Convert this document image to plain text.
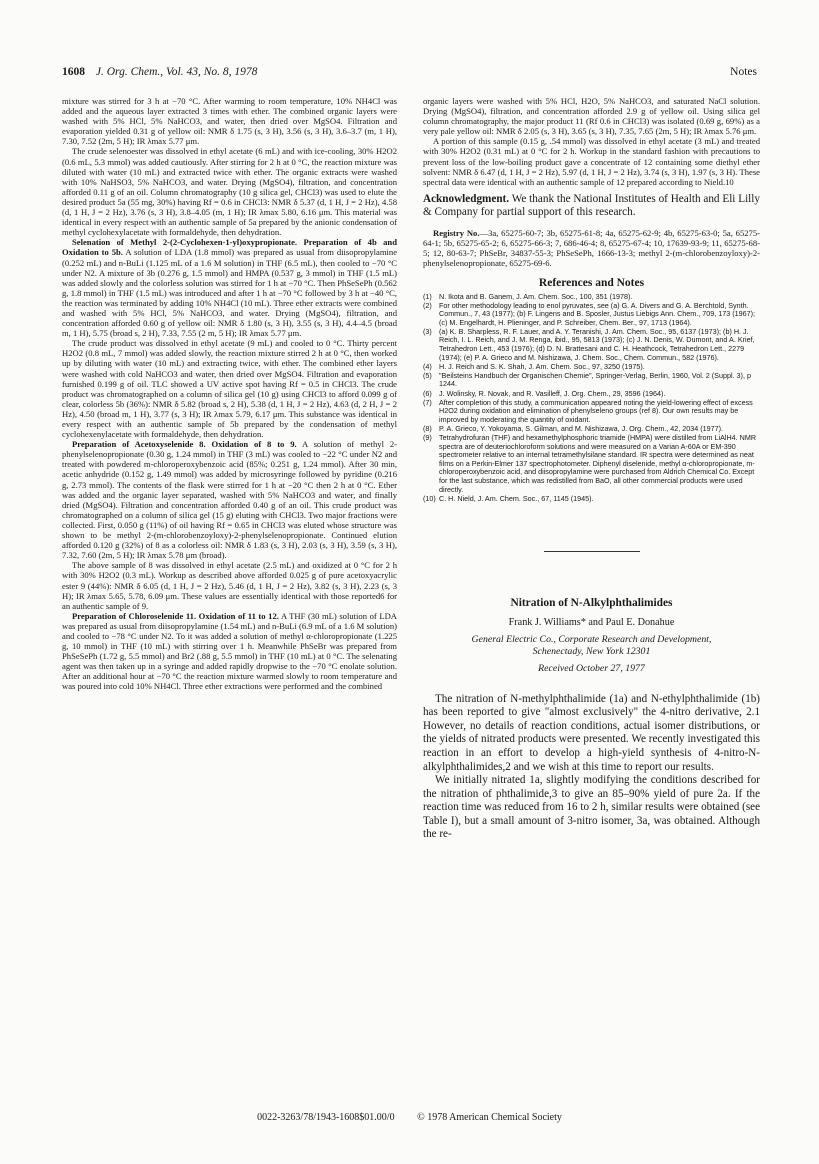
1608 J. Org. Chem., Vol. 43, No. 8, 1978	Notes

mixture was stirred for 3 h at −70 °C. After warming to room temperature, 10% NH4Cl was added and the aqueous layer extracted 3 times with ether. The combined organic layers were washed with 5% HCl, 5% NaHCO3, and water, then dried over MgSO4. Filtration and evaporation yielded 0.31 g of yellow oil: NMR δ 1.75 (s, 3 H), 3.56 (s, 3 H), 3.6–3.7 (m, 1 H), 7.30, 7.52 (2m, 5 H); IR λmax 5.77 μm.

The crude selenoester was dissolved in ethyl acetate (6 mL) and with ice-cooling, 30% H2O2 (0.6 mL, 5.3 mmol) was added cautiously. After stirring for 2 h at 0 °C, the reaction mixture was diluted with water (10 mL) and extracted twice with ether. The organic extracts were washed with 10% NaHSO3, 5% NaHCO3, and water. Drying (MgSO4), filtration, and concentration afforded 0.11 g of an oil. Column chromatography (10 g silica gel, CHCl3) was used to elute the desired product 5a (55 mg, 30%) having Rf = 0.6 in CHCl3: NMR δ 5.37 (d, 1 H, J = 2 Hz), 4.58 (d, 1 H, J = 2 Hz), 3.76 (s, 3 H), 3.8–4.05 (m, 1 H); IR λmax 5.80, 6.16 μm. This material was identical in every respect with an authentic sample of 5a prepared by the anionic condensation of methyl cyclohexylacetate with formaldehyde, then dehydration.

Selenation of Methyl 2-(2-Cyclohexen-1-yl)oxypropionate. Preparation of 4b and Oxidation to 5b. A solution of LDA (1.8 mmol) was prepared as usual from diisopropylamine (0.252 mL) and n-BuLi (1.125 mL of a 1.6 M solution) in THF (6.5 mL), then cooled to −70 °C under N2. A mixture of 3b (0.276 g, 1.5 mmol) and HMPA (0.537 g, 3 mmol) in THF (1.5 mL) was added slowly and the colorless solution was stirred for 1 h at −70 °C. Then PhSeSePh (0.562 g, 1.8 mmol) in THF (1.5 mL) was introduced and after 1 h at −70 °C followed by 3 h at −40 °C, the reaction was terminated by adding 10% NH4Cl (10 mL). Three ether extracts were combined and washed with 5% HCl, 5% NaHCO3, and water. Drying (MgSO4), filtration, and concentration afforded 0.60 g of yellow oil: NMR δ 1.80 (s, 3 H), 3.55 (s, 3 H), 4.4–4.5 (broad m, 1 H), 5.75 (broad s, 2 H), 7.33, 7.55 (2 m, 5 H); IR λmax 5.77 μm.

The crude product was dissolved in ethyl acetate (9 mL) and cooled to 0 °C. Thirty percent H2O2 (0.8 mL, 7 mmol) was added slowly, the reaction mixture stirred 2 h at 0 °C, then worked up by diluting with water (10 mL) and extracting twice, with ether. The combined ether layers were washed with cold NaHCO3 and water, then dried over MgSO4. Filtration and evaporation furnished 0.199 g of oil. TLC showed a UV active spot having Rf = 0.5 in CHCl3. The crude product was chromatographed on a column of silica gel (10 g) using CHCl3 to afford 0.099 g of clear, colorless 5b (36%): NMR δ 5.82 (broad s, 2 H), 5.38 (d, 1 H, J = 2 Hz), 4.63 (d, 2 H, J = 2 Hz), 4.50 (broad m, 1 H), 3.77 (s, 3 H); IR λmax 5.79, 6.17 μm. This substance was identical in every respect with an authentic sample of 5b prepared by the condensation of methyl cyclohexenylacetate with formaldehyde, then dehydration.

Preparation of Acetoxyselenide 8. Oxidation of 8 to 9. A solution of methyl 2-phenylselenopropionate (0.30 g, 1.24 mmol) in THF (3 mL) was cooled to −22 °C under N2 and treated with powdered m-chloroperoxybenzoic acid (85%; 0.251 g, 1.24 mmol). After 30 min, acetic anhydride (0.152 g, 1.49 mmol) was added by microsyringe followed by pyridine (0.216 g, 2.73 mmol). The contents of the flask were stirred for 1 h at −20 °C then 2 h at 0 °C. Ether was added and the organic layer separated, washed with 5% NaHCO3 and water, and finally dried (MgSO4). Filtration and concentration afforded 0.40 g of an oil. This crude product was chromatographed on a column of silica gel (15 g) eluting with CHCl3. Two major fractions were collected. First, 0.050 g (11%) of oil having Rf = 0.65 in CHCl3 was eluted whose structure was shown to be methyl 2-(m-chlorobenzoyloxy)-2-phenylselenopropionate. Continued elution afforded 0.120 g (32%) of 8 as a colorless oil: NMR δ 1.83 (s, 3 H), 2.03 (s, 3 H), 3.59 (s, 3 H), 7.32, 7.60 (2m, 5 H); IR λmax 5.78 μm (broad).

The above sample of 8 was dissolved in ethyl acetate (2.5 mL) and oxidized at 0 °C for 2 h with 30% H2O2 (0.3 mL). Workup as described above afforded 0.025 g of pure acetoxyacrylic ester 9 (44%): NMR δ 6.05 (d, 1 H, J = 2 Hz), 5.46 (d, 1 H, J = 2 Hz), 3.82 (s, 3 H), 2.23 (s, 3 H); IR λmax 5.65, 5.78, 6.09 μm. These values are essentially identical with those reported6 for an authentic sample of 9.

Preparation of Chloroselenide 11. Oxidation of 11 to 12. A THF (30 mL) solution of LDA was prepared as usual from diisopropylamine (1.54 mL) and n-BuLi (6.9 mL of a 1.6 M solution) and cooled to −78 °C under N2. To it was added a solution of methyl α-chloropropionate (1.225 g, 10 mmol) in THF (10 mL) with stirring over 1 h. Meanwhile PhSeBr was prepared from PhSeSePh (1.72 g, 5.5 mmol) and Br2 (.88 g, 5.5 mmol) in THF (10 mL) at 0 °C. The selenating agent was then taken up in a syringe and added rapidly dropwise to the −70 °C enolate solution. After an additional hour at −70 °C the reaction mixture warmed slowly to room temperature and was poured into cold 10% NH4Cl. Three ether extractions were performed and the combined

organic layers were washed with 5% HCl, H2O, 5% NaHCO3, and saturated NaCl solution. Drying (MgSO4), filtration, and concentration afforded 2.9 g of yellow oil. Using silica gel column chromatography, the major product 11 (Rf 0.6 in CHCl3) was isolated (0.69 g, 69%) as a very pale yellow oil: NMR δ 2.05 (s, 3 H), 3.65 (s, 3 H), 7.35, 7.65 (2m, 5 H); IR λmax 5.76 μm.

A portion of this sample (0.15 g, .54 mmol) was dissolved in ethyl acetate (3 mL) and treated with 30% H2O2 (0.31 mL) at 0 °C for 2 h. Workup in the standard fashion with precautions to prevent loss of the low-boiling product gave a concentrate of 12 containing some diethyl ether solvent: NMR δ 6.47 (d, 1 H, J = 2 Hz), 5.97 (d, 1 H, J = 2 Hz), 3.74 (s, 3 H), 1.97 (s, 3 H). These spectral data were identical with an authentic sample of 12 prepared according to Nield.10

Acknowledgment. We thank the National Institutes of Health and Eli Lilly & Company for partial support of this research.

Registry No.—3a, 65275-60-7; 3b, 65275-61-8; 4a, 65275-62-9; 4b, 65275-63-0; 5a, 65275-64-1; 5b, 65275-65-2; 6, 65275-66-3; 7, 686-46-4; 8, 65275-67-4; 10, 17639-93-9; 11, 65275-68-5; 12, 80-63-7; PhSeBr, 34837-55-3; PhSeSePh, 1666-13-3; methyl 2-(m-chlorobenzoyloxy)-2-phenylselenopropionate, 65275-69-6.

References and Notes
(1)	N. Ikota and B. Ganem, J. Am. Chem. Soc., 100, 351 (1978).
(2)	For other methodology leading to enol pyruvates, see (a) G. A. Divers and G. A. Berchtold, Synth. Commun., 7, 43 (1977); (b) F. Lingens and B. Sposler, Justus Liebigs Ann. Chem., 709, 173 (1967); (c) M. Engelhardt, H. Plieninger, and P. Schreiber, Chem. Ber., 97, 1713 (1964).
(3)	(a) K. B. Sharpless, R. F. Lauer, and A. Y. Teranishi, J. Am. Chem. Soc., 95, 6137 (1973); (b) H. J. Reich, I. L. Reich, and J. M. Renga, ibid., 95, 5813 (1973); (c) J. N. Denis, W. Dumont, and A. Krief, Tetrahedron Lett., 453 (1976); (d) D. N. Brattesani and C. H. Heathcock, Tetrahedron Lett., 2279 (1974); (e) P. A. Grieco and M. Nishizawa, J. Chem. Soc., Chem. Commun., 582 (1976).
(4)	H. J. Reich and S. K. Shah, J. Am. Chem. Soc., 97, 3250 (1975).
(5)	"Beilsteins Handbuch der Organischen Chemie", Springer-Verlag, Berlin, 1960, Vol. 2 (Suppl. 3), p 1244.
(6)	J. Wolinsky, R. Novak, and R. Vasilleff, J. Org. Chem., 29, 3596 (1964).
(7)	After completion of this study, a communication appeared noting the yield-lowering effect of excess H2O2 during oxidation and elimination of phenylseleno groups (ref 8). Our own results may be improved by moderating the quantity of oxidant.
(8)	P. A. Grieco, Y. Yokoyama, S. Gilman, and M. Nishizawa, J. Org. Chem., 42, 2034 (1977).
(9)	Tetrahydrofuran (THF) and hexamethylphosphoric triamide (HMPA) were distilled from LiAlH4. NMR spectra are of deuteriochloroform solutions and were measured on a Varian A-60A or EM-390 spectrometer relative to an internal tetramethylsilane standard. IR spectra were determined as neat films on a Perkin-Elmer 137 spectrophotometer. Diphenyl diselenide, methyl α-chloropropionate, m-chloroperoxybenzoic acid, and diisopropylamine were purchased from Aldrich Chemical Co. Except for the last substance, which was redistilled from BaO, all other commercial products were used directly.
(10) C. H. Nield, J. Am. Chem. Soc., 67, 1145 (1945).
Nitration of N-Alkylphthalimides
Frank J. Williams* and Paul E. Donahue
General Electric Co., Corporate Research and Development,
Schenectady, New York 12301
Received October 27, 1977

The nitration of N-methylphthalimide (1a) and N-ethylphthalimide (1b) has been reported to give "almost exclusively" the 4-nitro derivative, 2.1 However, no details of reaction conditions, actual isomer distributions, or the yields of nitrated products were presented. We recently investigated this reaction in an effort to develop a high-yield synthesis of 4-nitro-N-alkylphthalimides,2 and we wish at this time to report our results.

We initially nitrated 1a, slightly modifying the conditions described for the nitration of phthalimide,3 to give an 85–90% yield of pure 2a. If the reaction time was reduced from 16 to 2 h, similar results were obtained (see Table I), but a small amount of 3-nitro isomer, 3a, was obtained. Although the re-

0022-3263/78/1943-1608$01.00/0 © 1978 American Chemical Society
